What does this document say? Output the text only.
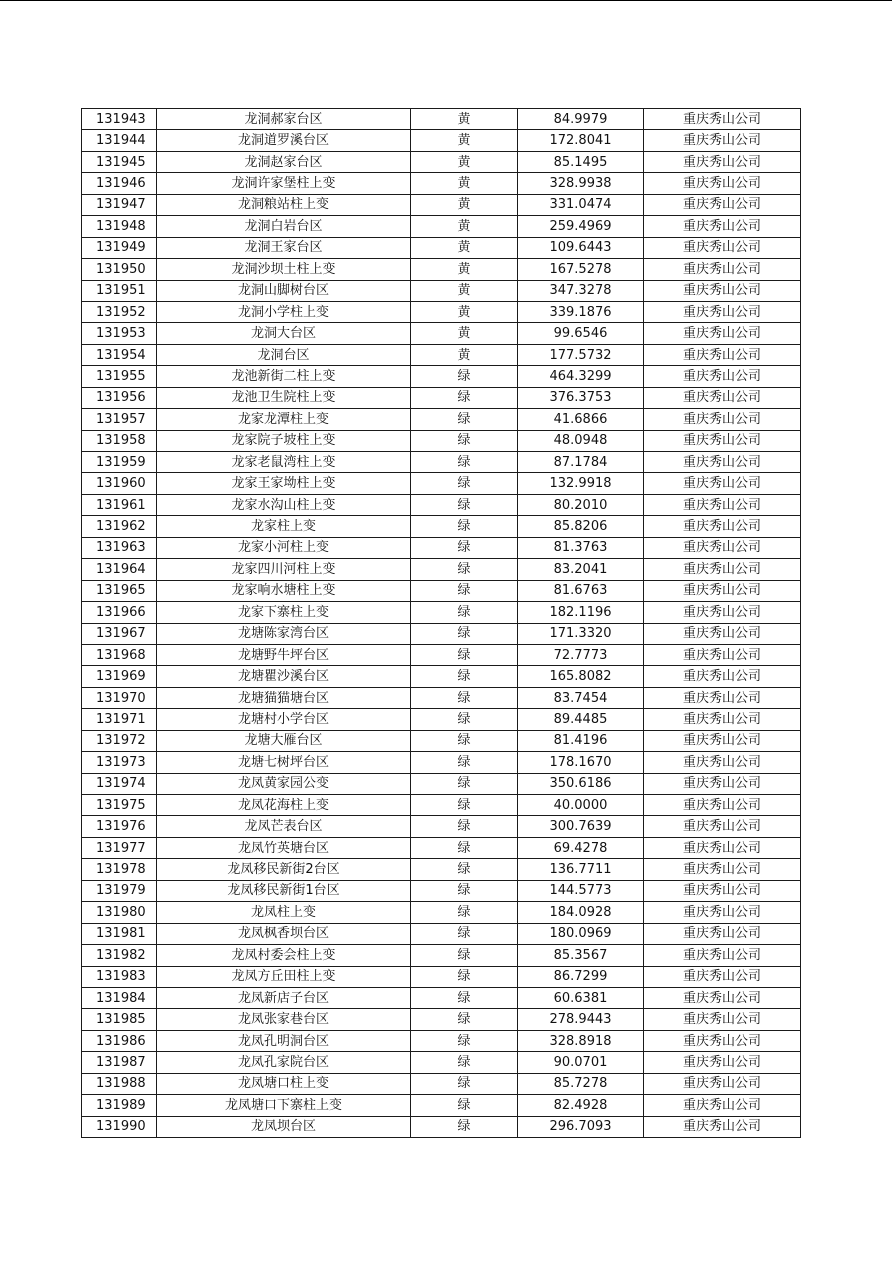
131943	龙洞郝家台区	黄	84.9979	重庆秀山公司
131944	龙洞道罗溪台区	黄	172.8041	重庆秀山公司
131945	龙洞赵家台区	黄	85.1495	重庆秀山公司
131946	龙洞许家堡柱上变	黄	328.9938	重庆秀山公司
131947	龙洞粮站柱上变	黄	331.0474	重庆秀山公司
131948	龙洞白岩台区	黄	259.4969	重庆秀山公司
131949	龙洞王家台区	黄	109.6443	重庆秀山公司
131950	龙洞沙坝土柱上变	黄	167.5278	重庆秀山公司
131951	龙洞山脚树台区	黄	347.3278	重庆秀山公司
131952	龙洞小学柱上变	黄	339.1876	重庆秀山公司
131953	龙洞大台区	黄	99.6546	重庆秀山公司
131954	龙洞台区	黄	177.5732	重庆秀山公司
131955	龙池新街二柱上变	绿	464.3299	重庆秀山公司
131956	龙池卫生院柱上变	绿	376.3753	重庆秀山公司
131957	龙家龙潭柱上变	绿	41.6866	重庆秀山公司
131958	龙家院子坡柱上变	绿	48.0948	重庆秀山公司
131959	龙家老鼠湾柱上变	绿	87.1784	重庆秀山公司
131960	龙家王家坳柱上变	绿	132.9918	重庆秀山公司
131961	龙家水沟山柱上变	绿	80.2010	重庆秀山公司
131962	龙家柱上变	绿	85.8206	重庆秀山公司
131963	龙家小河柱上变	绿	81.3763	重庆秀山公司
131964	龙家四川河柱上变	绿	83.2041	重庆秀山公司
131965	龙家响水塘柱上变	绿	81.6763	重庆秀山公司
131966	龙家下寨柱上变	绿	182.1196	重庆秀山公司
131967	龙塘陈家湾台区	绿	171.3320	重庆秀山公司
131968	龙塘野牛坪台区	绿	72.7773	重庆秀山公司
131969	龙塘瞿沙溪台区	绿	165.8082	重庆秀山公司
131970	龙塘猫猫塘台区	绿	83.7454	重庆秀山公司
131971	龙塘村小学台区	绿	89.4485	重庆秀山公司
131972	龙塘大雁台区	绿	81.4196	重庆秀山公司
131973	龙塘七树坪台区	绿	178.1670	重庆秀山公司
131974	龙凤黄家园公变	绿	350.6186	重庆秀山公司
131975	龙凤花海柱上变	绿	40.0000	重庆秀山公司
131976	龙凤芒表台区	绿	300.7639	重庆秀山公司
131977	龙凤竹英塘台区	绿	69.4278	重庆秀山公司
131978	龙凤移民新街2台区	绿	136.7711	重庆秀山公司
131979	龙凤移民新街1台区	绿	144.5773	重庆秀山公司
131980	龙凤柱上变	绿	184.0928	重庆秀山公司
131981	龙凤枫香坝台区	绿	180.0969	重庆秀山公司
131982	龙凤村委会柱上变	绿	85.3567	重庆秀山公司
131983	龙凤方丘田柱上变	绿	86.7299	重庆秀山公司
131984	龙凤新店子台区	绿	60.6381	重庆秀山公司
131985	龙凤张家巷台区	绿	278.9443	重庆秀山公司
131986	龙凤孔明洞台区	绿	328.8918	重庆秀山公司
131987	龙凤孔家院台区	绿	90.0701	重庆秀山公司
131988	龙凤塘口柱上变	绿	85.7278	重庆秀山公司
131989	龙凤塘口下寨柱上变	绿	82.4928	重庆秀山公司
131990	龙凤坝台区	绿	296.7093	重庆秀山公司
